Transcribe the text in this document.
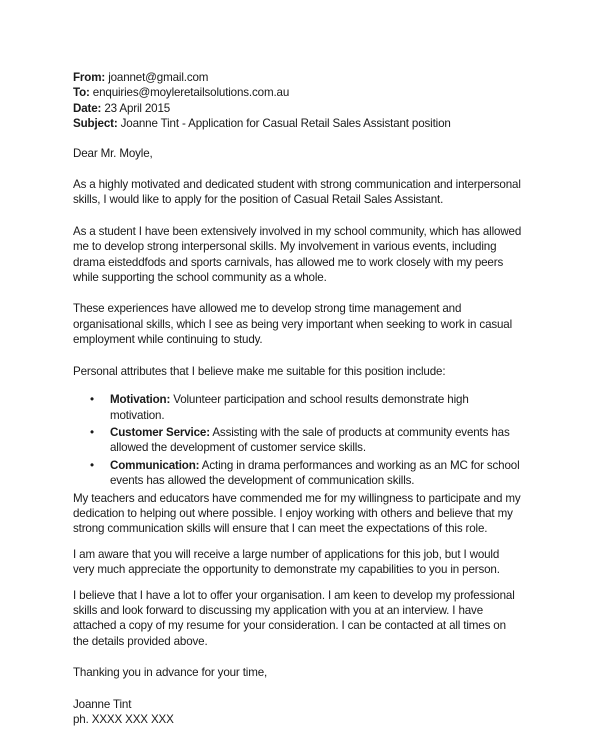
From: joannet@gmail.com
To: enquiries@moyleretailsolutions.com.au
Date: 23 April 2015
Subject: Joanne Tint - Application for Casual Retail Sales Assistant position

Dear Mr. Moyle,

As a highly motivated and dedicated student with strong communication and interpersonal skills, I would like to apply for the position of Casual Retail Sales Assistant.

As a student I have been extensively involved in my school community, which has allowed me to develop strong interpersonal skills. My involvement in various events, including drama eisteddfods and sports carnivals, has allowed me to work closely with my peers while supporting the school community as a whole.

These experiences have allowed me to develop strong time management and organisational skills, which I see as being very important when seeking to work in casual employment while continuing to study.

Personal attributes that I believe make me suitable for this position include:

• Motivation: Volunteer participation and school results demonstrate high motivation.
• Customer Service: Assisting with the sale of products at community events has allowed the development of customer service skills.
• Communication: Acting in drama performances and working as an MC for school events has allowed the development of communication skills.

My teachers and educators have commended me for my willingness to participate and my dedication to helping out where possible. I enjoy working with others and believe that my strong communication skills will ensure that I can meet the expectations of this role.

I am aware that you will receive a large number of applications for this job, but I would very much appreciate the opportunity to demonstrate my capabilities to you in person.

I believe that I have a lot to offer your organisation. I am keen to develop my professional skills and look forward to discussing my application with you at an interview. I have attached a copy of my resume for your consideration. I can be contacted at all times on the details provided above.

Thanking you in advance for your time,

Joanne Tint
ph. XXXX XXX XXX
